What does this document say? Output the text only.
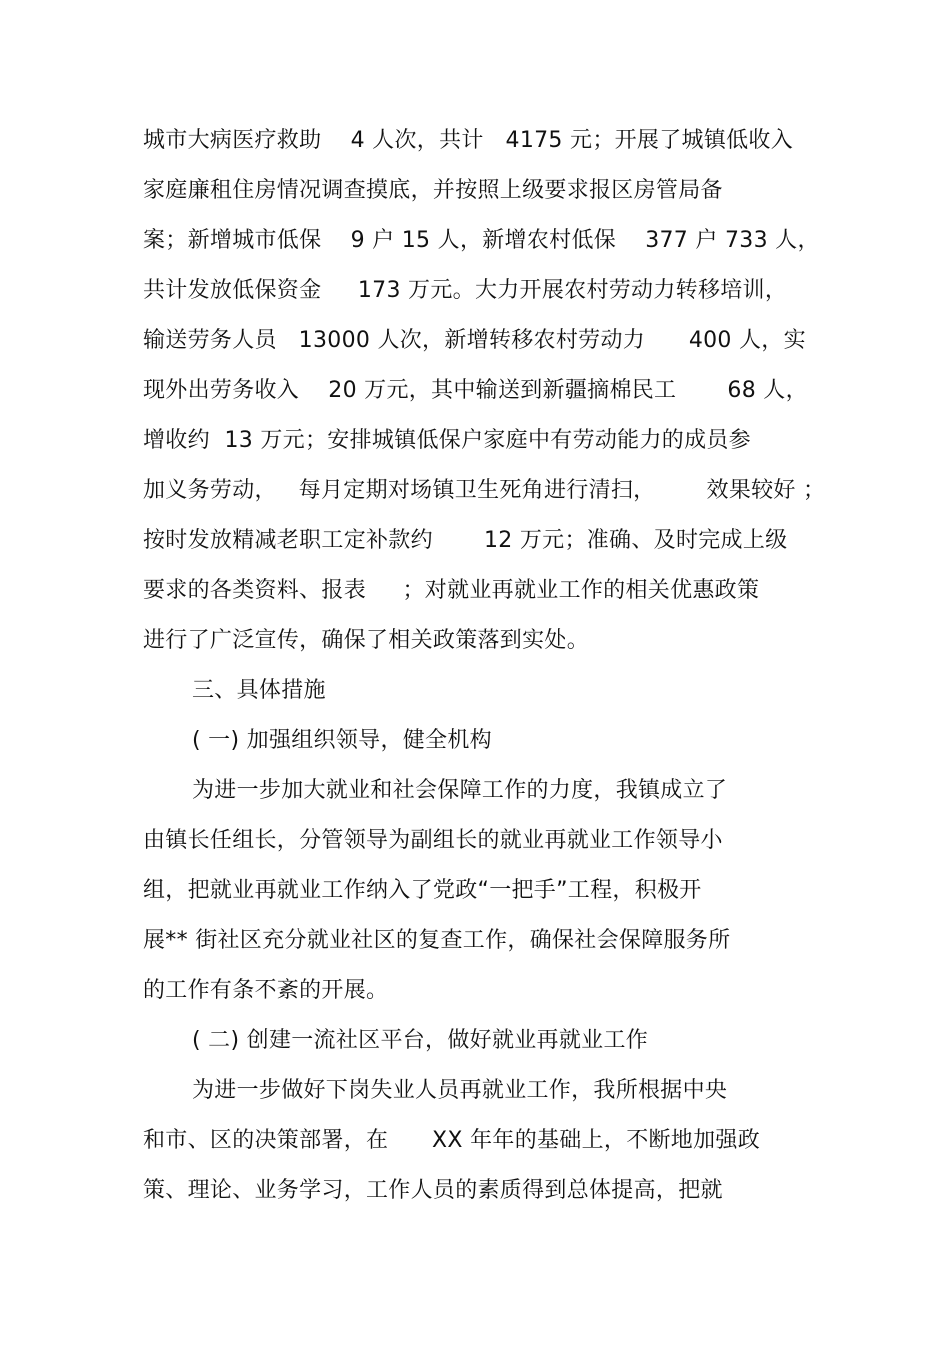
城市大病医疗救助    4 人次，共计   4175 元；开展了城镇低收入
家庭廉租住房情况调查摸底，并按照上级要求报区房管局备
案；新增城市低保    9 户 15 人，新增农村低保    377 户 733 人，
共计发放低保资金     173 万元。大力开展农村劳动力转移培训，
输送劳务人员   13000 人次，新增转移农村劳动力      400 人，实
现外出劳务收入    20 万元，其中输送到新疆摘棉民工       68 人，
增收约  13 万元；安排城镇低保户家庭中有劳动能力的成员参
加义务劳动，   每月定期对场镇卫生死角进行清扫，       效果较好 ；
按时发放精减老职工定补款约       12 万元；准确、及时完成上级
要求的各类资料、报表     ；对就业再就业工作的相关优惠政策
进行了广泛宣传，确保了相关政策落到实处。
三、具体措施
( 一) 加强组织领导，健全机构
为进一步加大就业和社会保障工作的力度，我镇成立了
由镇长任组长，分管领导为副组长的就业再就业工作领导小
组，把就业再就业工作纳入了党政“一把手”工程，积极开
展** 街社区充分就业社区的复查工作，确保社会保障服务所
的工作有条不紊的开展。
( 二) 创建一流社区平台，做好就业再就业工作
为进一步做好下岗失业人员再就业工作，我所根据中央
和市、区的决策部署，在      XX 年年的基础上，不断地加强政
策、理论、业务学习，工作人员的素质得到总体提高，把就
